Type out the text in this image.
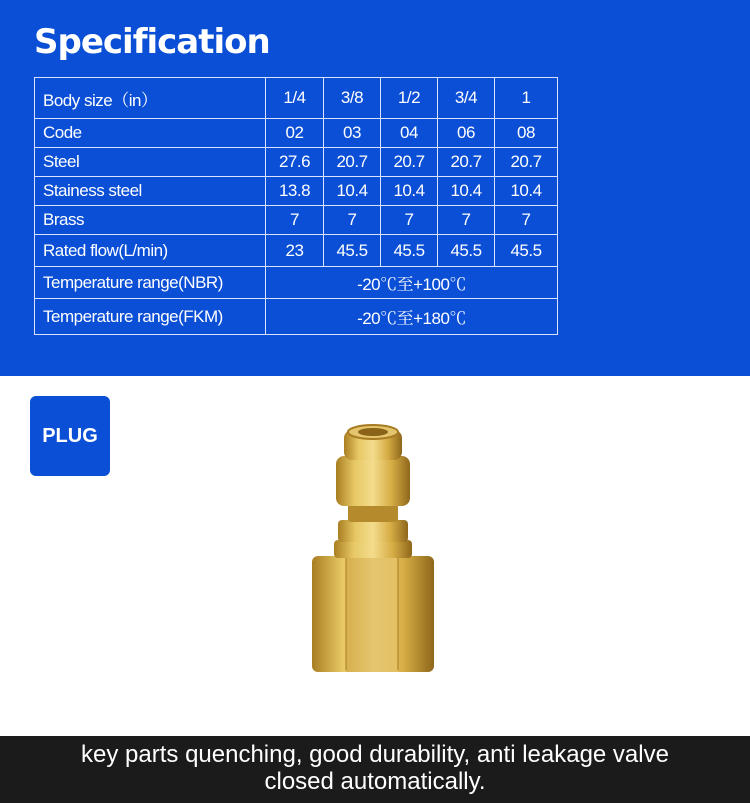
Specification
Body size（in）	1/4	3/8	1/2	3/4	1
Code	02	03	04	06	08
Steel	27.6	20.7	20.7	20.7	20.7
Stainess steel	13.8	10.4	10.4	10.4	10.4
Brass	7	7	7	7	7
Rated flow(L/min)	23	45.5	45.5	45.5	45.5
Temperature range(NBR)	-20℃至+100℃				
Temperature range(FKM)	-20℃至+180℃				
PLUG
key parts quenching, good durability, anti leakage valve
closed automatically.
